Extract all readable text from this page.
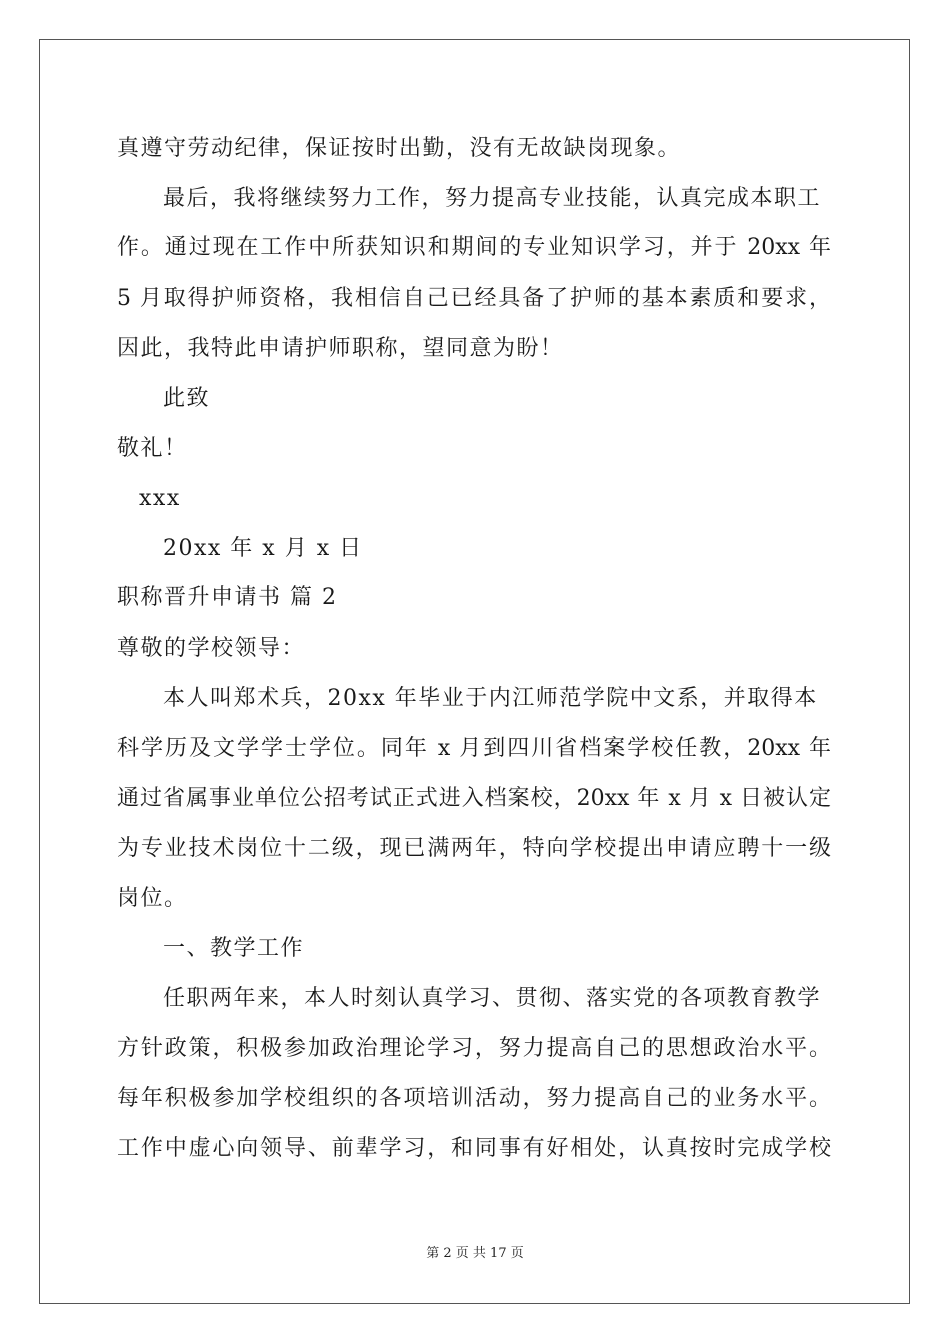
真遵守劳动纪律，保证按时出勤，没有无故缺岗现象。
最后，我将继续努力工作，努力提高专业技能，认真完成本职工
作。通过现在工作中所获知识和期间的专业知识学习，并于 20xx 年
5 月取得护师资格，我相信自己已经具备了护师的基本素质和要求，
因此，我特此申请护师职称，望同意为盼！
此致
敬礼！
xxx
20xx 年 x 月 x 日
职称晋升申请书 篇 2
尊敬的学校领导：
本人叫郑术兵，20xx 年毕业于内江师范学院中文系，并取得本
科学历及文学学士学位。同年 x 月到四川省档案学校任教，20xx 年
通过省属事业单位公招考试正式进入档案校，20xx 年 x 月 x 日被认定
为专业技术岗位十二级，现已满两年，特向学校提出申请应聘十一级
岗位。
一、教学工作
任职两年来，本人时刻认真学习、贯彻、落实党的各项教育教学
方针政策，积极参加政治理论学习，努力提高自己的思想政治水平。
每年积极参加学校组织的各项培训活动，努力提高自己的业务水平。
工作中虚心向领导、前辈学习，和同事有好相处，认真按时完成学校
第 2 页 共 17 页
